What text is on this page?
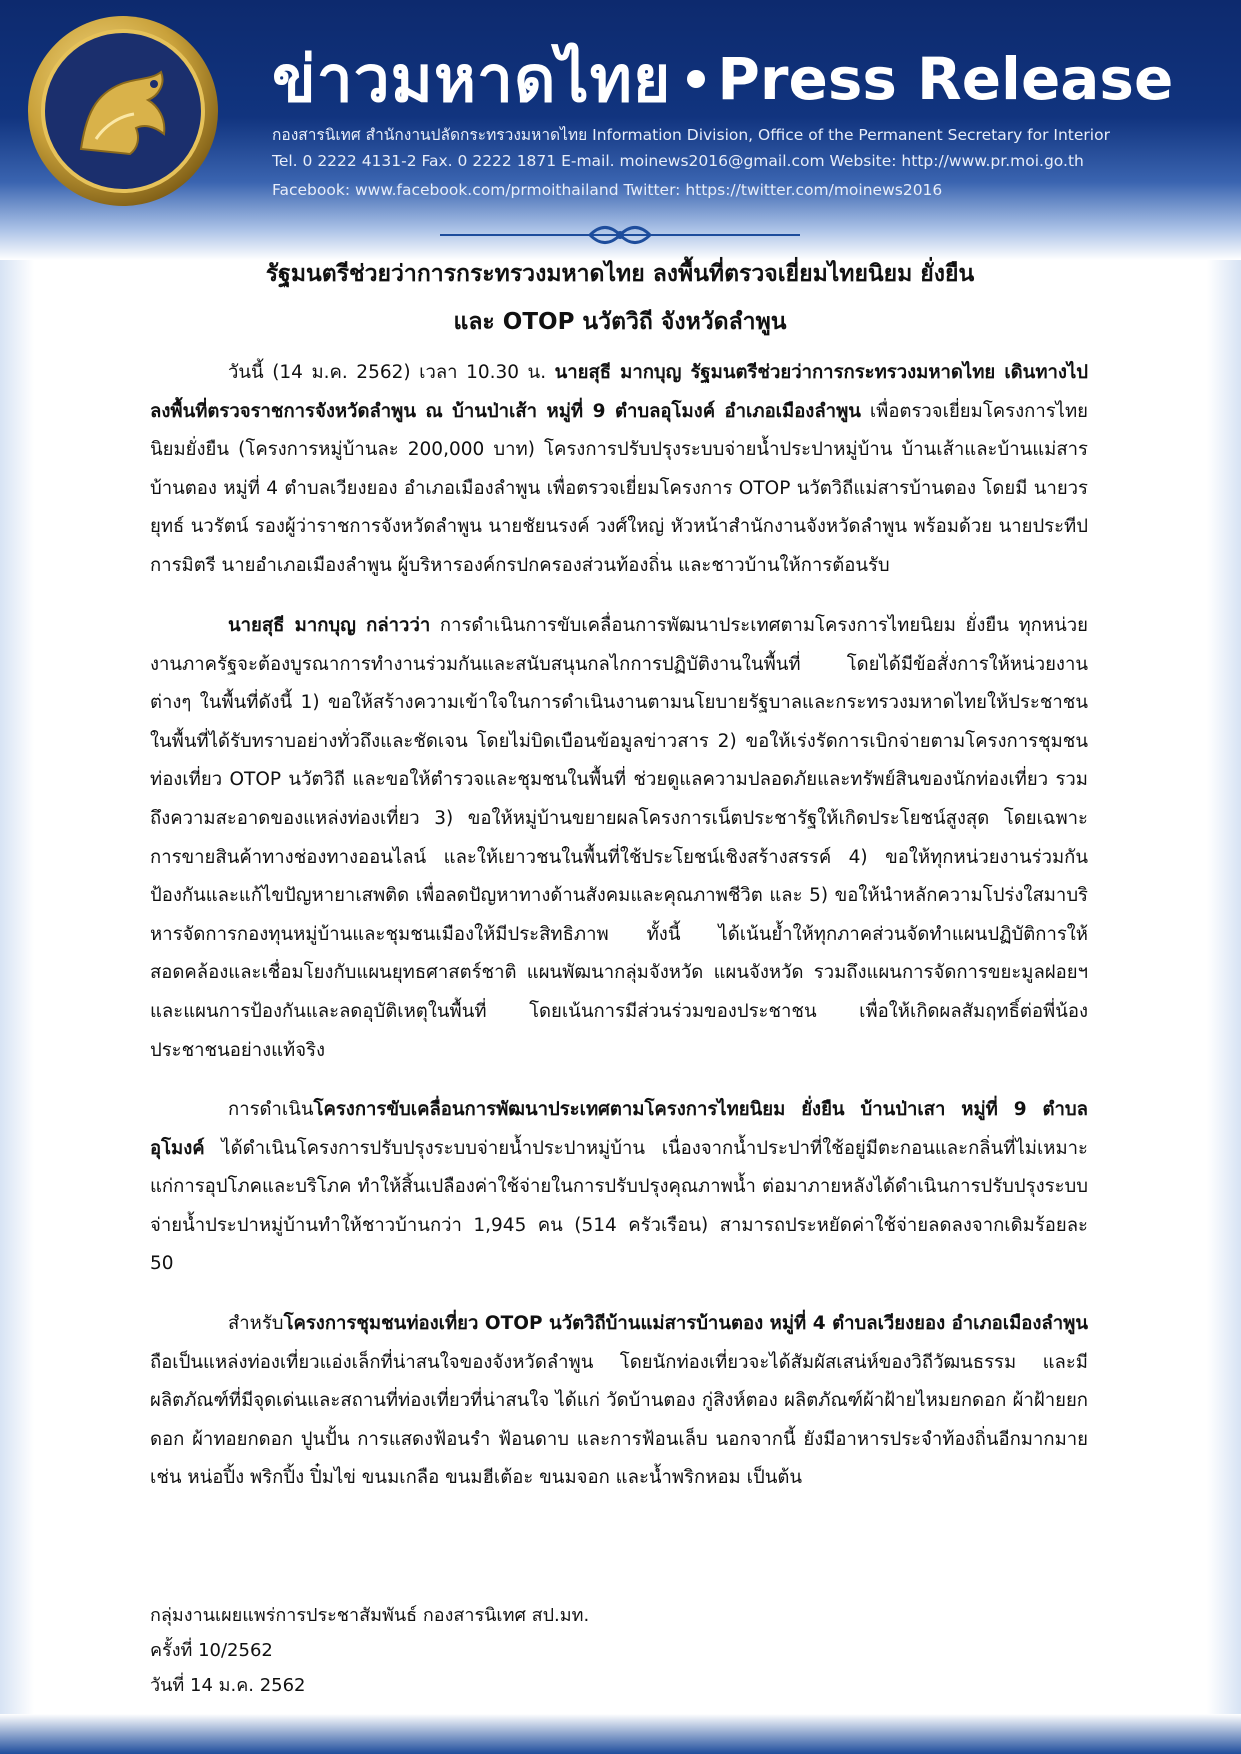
ข่าวมหาดไทย Press Release
กองสารนิเทศ สำนักงานปลัดกระทรวงมหาดไทย Information Division, Office of the Permanent Secretary for Interior
Tel. 0 2222 4131-2 Fax. 0 2222 1871 E-mail. moinews2016@gmail.com Website: http://www.pr.moi.go.th
Facebook: www.facebook.com/prmoithailand Twitter: https://twitter.com/moinews2016
รัฐมนตรีช่วยว่าการกระทรวงมหาดไทย ลงพื้นที่ตรวจเยี่ยมไทยนิยม ยั่งยืน
และ OTOP นวัตวิถี จังหวัดลำพูน
วันนี้ (14 ม.ค. 2562) เวลา 10.30 น. นายสุธี มากบุญ รัฐมนตรีช่วยว่าการกระทรวงมหาดไทย เดินทางไปลงพื้นที่ตรวจราชการจังหวัดลำพูน ณ บ้านป่าเส้า หมู่ที่ 9 ตำบลอุโมงค์ อำเภอเมืองลำพูน เพื่อตรวจเยี่ยมโครงการไทยนิยมยั่งยืน (โครงการหมู่บ้านละ 200,000 บาท) โครงการปรับปรุงระบบจ่ายน้ำประปาหมู่บ้าน บ้านเส้าและบ้านแม่สารบ้านตอง หมู่ที่ 4 ตำบลเวียงยอง อำเภอเมืองลำพูน เพื่อตรวจเยี่ยมโครงการ OTOP นวัตวิถีแม่สารบ้านตอง โดยมี นายวรยุทธ์ นวรัตน์ รองผู้ว่าราชการจังหวัดลำพูน นายชัยนรงค์ วงศ์ใหญ่ หัวหน้าสำนักงานจังหวัดลำพูน พร้อมด้วย นายประทีป การมิตรี นายอำเภอเมืองลำพูน ผู้บริหารองค์กรปกครองส่วนท้องถิ่น และชาวบ้านให้การต้อนรับ
นายสุธี มากบุญ กล่าวว่า การดำเนินการขับเคลื่อนการพัฒนาประเทศตามโครงการไทยนิยม ยั่งยืน ทุกหน่วยงานภาครัฐจะต้องบูรณาการทำงานร่วมกันและสนับสนุนกลไกการปฏิบัติงานในพื้นที่ โดยได้มีข้อสั่งการให้หน่วยงานต่างๆ ในพื้นที่ดังนี้ 1) ขอให้สร้างความเข้าใจในการดำเนินงานตามนโยบายรัฐบาลและกระทรวงมหาดไทยให้ประชาชนในพื้นที่ได้รับทราบอย่างทั่วถึงและชัดเจน โดยไม่บิดเบือนข้อมูลข่าวสาร 2) ขอให้เร่งรัดการเบิกจ่ายตามโครงการชุมชนท่องเที่ยว OTOP นวัตวิถี และขอให้ตำรวจและชุมชนในพื้นที่ ช่วยดูแลความปลอดภัยและทรัพย์สินของนักท่องเที่ยว รวมถึงความสะอาดของแหล่งท่องเที่ยว 3) ขอให้หมู่บ้านขยายผลโครงการเน็ตประชารัฐให้เกิดประโยชน์สูงสุด โดยเฉพาะการขายสินค้าทางช่องทางออนไลน์ และให้เยาวชนในพื้นที่ใช้ประโยชน์เชิงสร้างสรรค์ 4) ขอให้ทุกหน่วยงานร่วมกันป้องกันและแก้ไขปัญหายาเสพติด เพื่อลดปัญหาทางด้านสังคมและคุณภาพชีวิต และ 5) ขอให้นำหลักความโปร่งใสมาบริหารจัดการกองทุนหมู่บ้านและชุมชนเมืองให้มีประสิทธิภาพ ทั้งนี้ ได้เน้นย้ำให้ทุกภาคส่วนจัดทำแผนปฏิบัติการให้สอดคล้องและเชื่อมโยงกับแผนยุทธศาสตร์ชาติ แผนพัฒนากลุ่มจังหวัด แผนจังหวัด รวมถึงแผนการจัดการขยะมูลฝอยฯและแผนการป้องกันและลดอุบัติเหตุในพื้นที่ โดยเน้นการมีส่วนร่วมของประชาชน เพื่อให้เกิดผลสัมฤทธิ์ต่อพี่น้องประชาชนอย่างแท้จริง
การดำเนินโครงการขับเคลื่อนการพัฒนาประเทศตามโครงการไทยนิยม ยั่งยืน บ้านป่าเสา หมู่ที่ 9 ตำบลอุโมงค์ ได้ดำเนินโครงการปรับปรุงระบบจ่ายน้ำประปาหมู่บ้าน เนื่องจากน้ำประปาที่ใช้อยู่มีตะกอนและกลิ่นที่ไม่เหมาะแก่การอุปโภคและบริโภค ทำให้สิ้นเปลืองค่าใช้จ่ายในการปรับปรุงคุณภาพน้ำ ต่อมาภายหลังได้ดำเนินการปรับปรุงระบบจ่ายน้ำประปาหมู่บ้านทำให้ชาวบ้านกว่า 1,945 คน (514 ครัวเรือน) สามารถประหยัดค่าใช้จ่ายลดลงจากเดิมร้อยละ 50
สำหรับโครงการชุมชนท่องเที่ยว OTOP นวัตวิถีบ้านแม่สารบ้านตอง หมู่ที่ 4 ตำบลเวียงยอง อำเภอเมืองลำพูน ถือเป็นแหล่งท่องเที่ยวแอ่งเล็กที่น่าสนใจของจังหวัดลำพูน โดยนักท่องเที่ยวจะได้สัมผัสเสน่ห์ของวิถีวัฒนธรรม และมีผลิตภัณฑ์ที่มีจุดเด่นและสถานที่ท่องเที่ยวที่น่าสนใจ ได้แก่ วัดบ้านตอง กู่สิงห์ตอง ผลิตภัณฑ์ผ้าฝ้ายไหมยกดอก ผ้าฝ้ายยกดอก ผ้าทอยกดอก ปูนปั้น การแสดงฟ้อนรำ ฟ้อนดาบ และการฟ้อนเล็บ นอกจากนี้ ยังมีอาหารประจำท้องถิ่นอีกมากมาย เช่น หน่อปิ้ง พริกปิ้ง ปิ๋มไข่ ขนมเกลือ ขนมฮีเต้อะ ขนมจอก และน้ำพริกหอม เป็นต้น
กลุ่มงานเผยแพร่การประชาสัมพันธ์ กองสารนิเทศ สป.มท.
ครั้งที่ 10/2562
วันที่ 14 ม.ค. 2562
